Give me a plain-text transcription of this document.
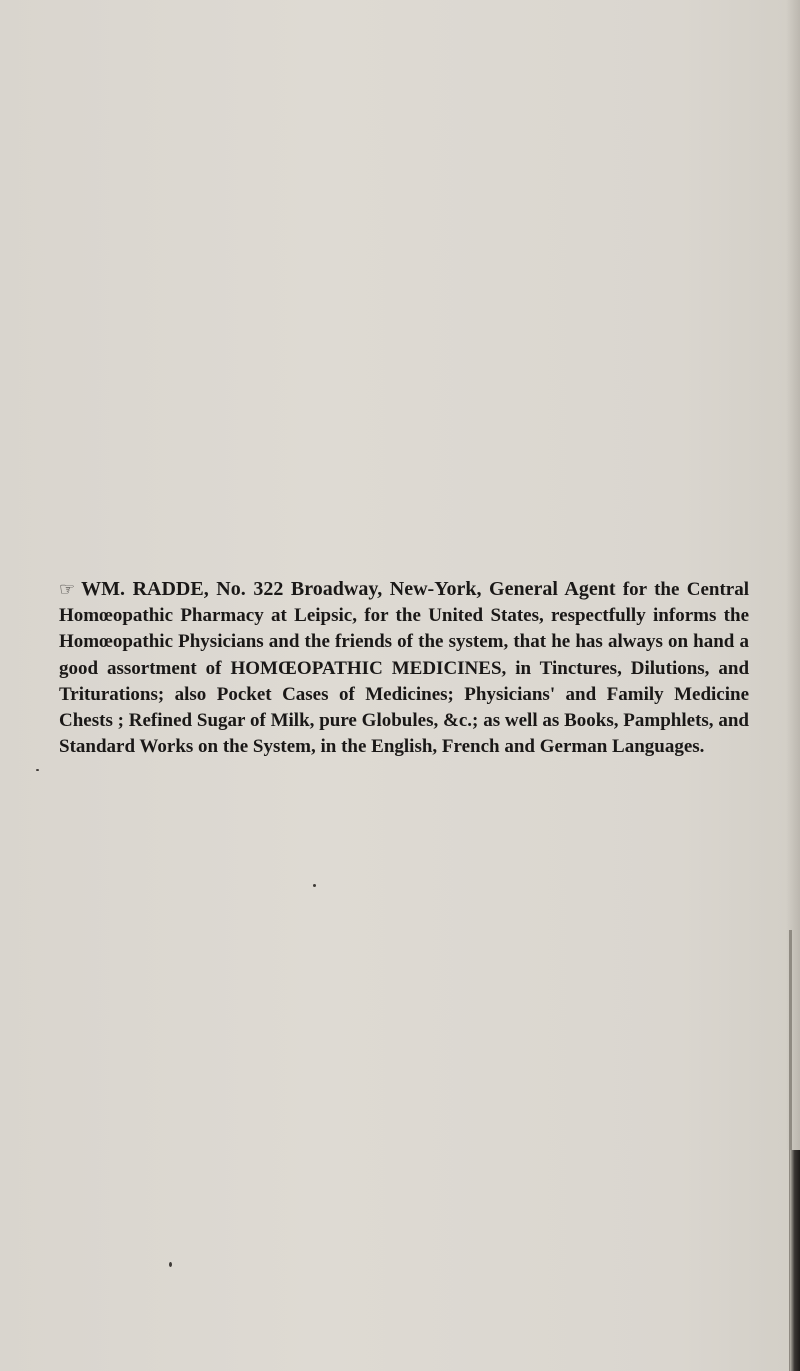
☞ WM. RADDE, No. 322 Broadway, New-York, General Agent for the Central Homœopathic Pharmacy at Leipsic, for the United States, respectfully informs the Homœopathic Physicians and the friends of the system, that he has always on hand a good assortment of HOMŒOPATHIC MEDICINES, in Tinctures, Dilutions, and Triturations; also Pocket Cases of Medicines; Physicians' and Family Medicine Chests ; Refined Sugar of Milk, pure Globules, &c.; as well as Books, Pamphlets, and Standard Works on the System, in the English, French and German Languages.
